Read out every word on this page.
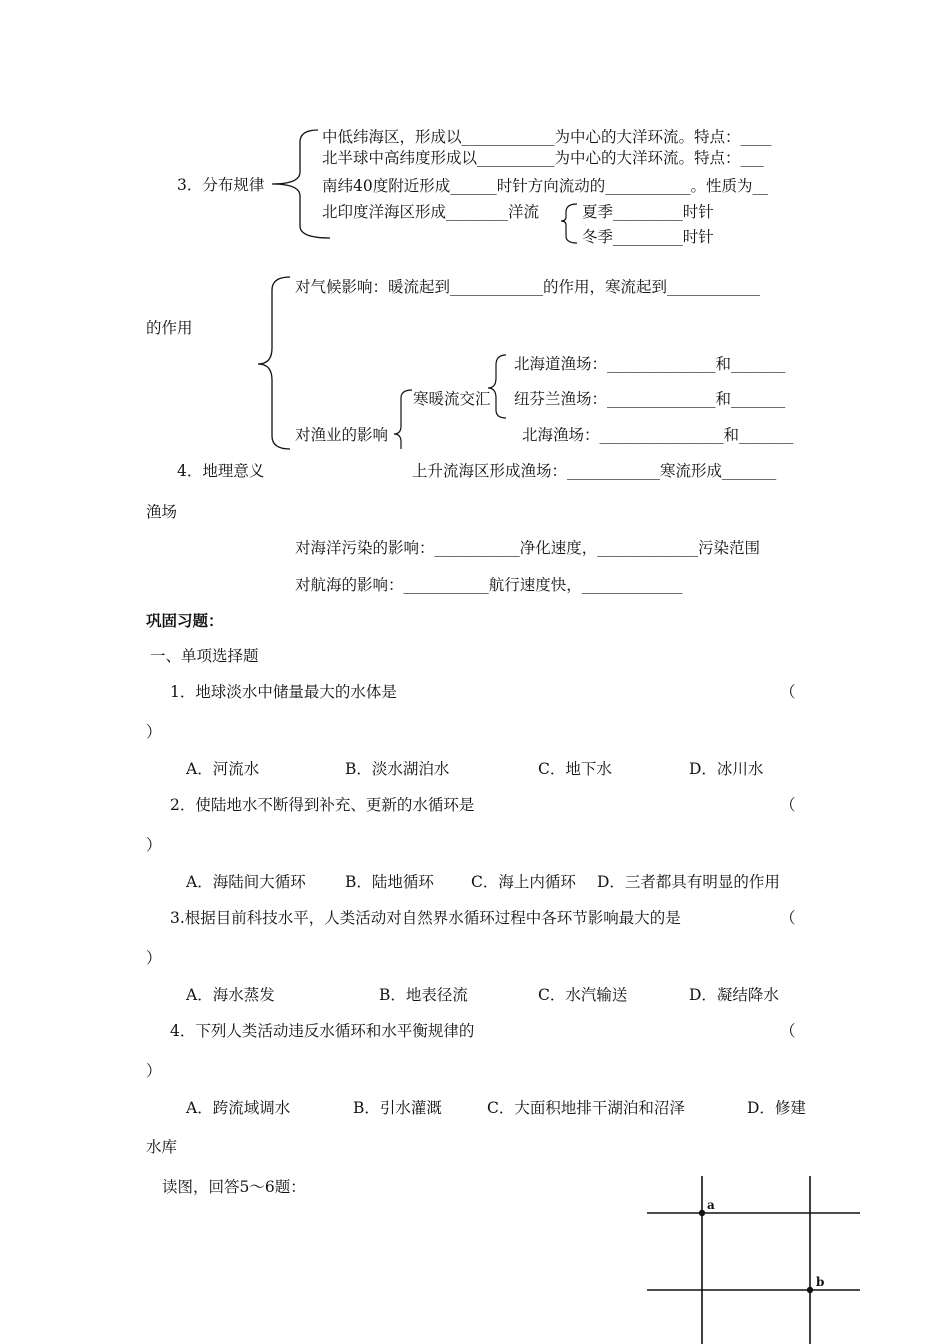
3．分布规律
中低纬海区，形成以____________为中心的大洋环流。特点：____
北半球中高纬度形成以__________为中心的大洋环流。特点：___
南纬40度附近形成______时针方向流动的___________。性质为__
北印度洋海区形成________洋流	夏季_________时针
冬季_________时针
对气候影响：暖流起到____________的作用，寒流起到____________
的作用
北海道渔场：______________和_______
寒暖流交汇 纽芬兰渔场：______________和_______
对渔业的影响	北海渔场：________________和_______
4．地理意义	上升流海区形成渔场：____________寒流形成_______
渔场
对海洋污染的影响：___________净化速度，_____________污染范围
对航海的影响：___________航行速度快，_____________
巩固习题：
一、单项选择题
1．地球淡水中储量最大的水体是	（
）
A．河流水	B．淡水湖泊水	C．地下水	D．冰川水
2．使陆地水不断得到补充、更新的水循环是	（
）
A．海陆间大循环	B．陆地循环 C．海上内循环 D．三者都具有明显的作用
3.根据目前科技水平，人类活动对自然界水循环过程中各环节影响最大的是	（
）
A．海水蒸发	B．地表径流	C．水汽输送	D．凝结降水
4．下列人类活动违反水循环和水平衡规律的	（
）
A．跨流域调水	B．引水灌溉	C．大面积地排干湖泊和沼泽	D．修建
水库
读图，回答5～6题：
a
b
